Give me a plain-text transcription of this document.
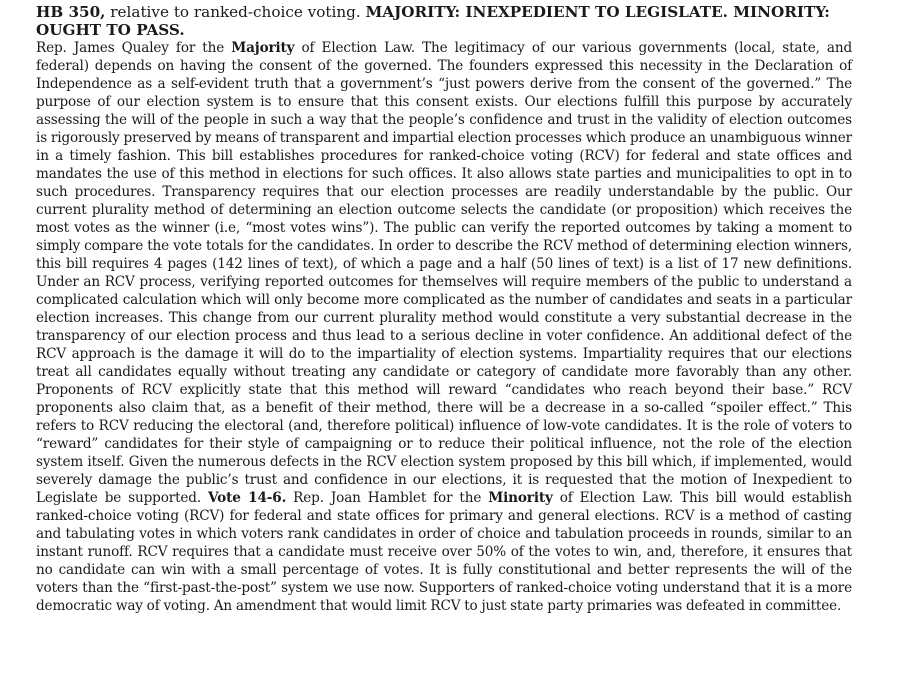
HB 350, relative to ranked-choice voting. MAJORITY: INEXPEDIENT TO LEGISLATE. MINORITY: OUGHT TO PASS.

Rep. James Qualey for the Majority of Election Law. The legitimacy of our various governments (local, state, and federal) depends on having the consent of the governed. The founders expressed this necessity in the Declaration of Independence as a self-evident truth that a government’s “just powers derive from the consent of the governed.” The purpose of our election system is to ensure that this consent exists. Our elections fulfill this purpose by accurately assessing the will of the people in such a way that the people’s confidence and trust in the validity of election outcomes is rigorously preserved by means of transparent and impartial election processes which produce an unambiguous winner in a timely fashion. This bill establishes procedures for ranked-choice voting (RCV) for federal and state offices and mandates the use of this method in elections for such offices. It also allows state parties and municipalities to opt in to such procedures. Transparency requires that our election processes are readily understandable by the public. Our current plurality method of determining an election outcome selects the candidate (or proposition) which receives the most votes as the winner (i.e, “most votes wins”). The public can verify the reported outcomes by taking a moment to simply compare the vote totals for the candidates. In order to describe the RCV method of determining election winners, this bill requires 4 pages (142 lines of text), of which a page and a half (50 lines of text) is a list of 17 new definitions. Under an RCV process, verifying reported outcomes for themselves will require members of the public to understand a complicated calculation which will only become more complicated as the number of candidates and seats in a particular election increases. This change from our current plurality method would constitute a very substantial decrease in the transparency of our election process and thus lead to a serious decline in voter confidence. An additional defect of the RCV approach is the damage it will do to the impartiality of election systems. Impartiality requires that our elections treat all candidates equally without treating any candidate or category of candidate more favorably than any other. Proponents of RCV explicitly state that this method will reward “candidates who reach beyond their base.” RCV proponents also claim that, as a benefit of their method, there will be a decrease in a so-called “spoiler effect.” This refers to RCV reducing the electoral (and, therefore political) influence of low-vote candidates. It is the role of voters to “reward” candidates for their style of campaigning or to reduce their political influence, not the role of the election system itself. Given the numerous defects in the RCV election system proposed by this bill which, if implemented, would severely damage the public’s trust and confidence in our elections, it is requested that the motion of Inexpedient to Legislate be supported. Vote 14-6. Rep. Joan Hamblet for the Minority of Election Law. This bill would establish ranked-choice voting (RCV) for federal and state offices for primary and general elections. RCV is a method of casting and tabulating votes in which voters rank candidates in order of choice and tabulation proceeds in rounds, similar to an instant runoff. RCV requires that a candidate must receive over 50% of the votes to win, and, therefore, it ensures that no candidate can win with a small percentage of votes. It is fully constitutional and better represents the will of the voters than the “first-past-the-post” system we use now. Supporters of ranked-choice voting understand that it is a more democratic way of voting. An amendment that would limit RCV to just state party primaries was defeated in committee.
